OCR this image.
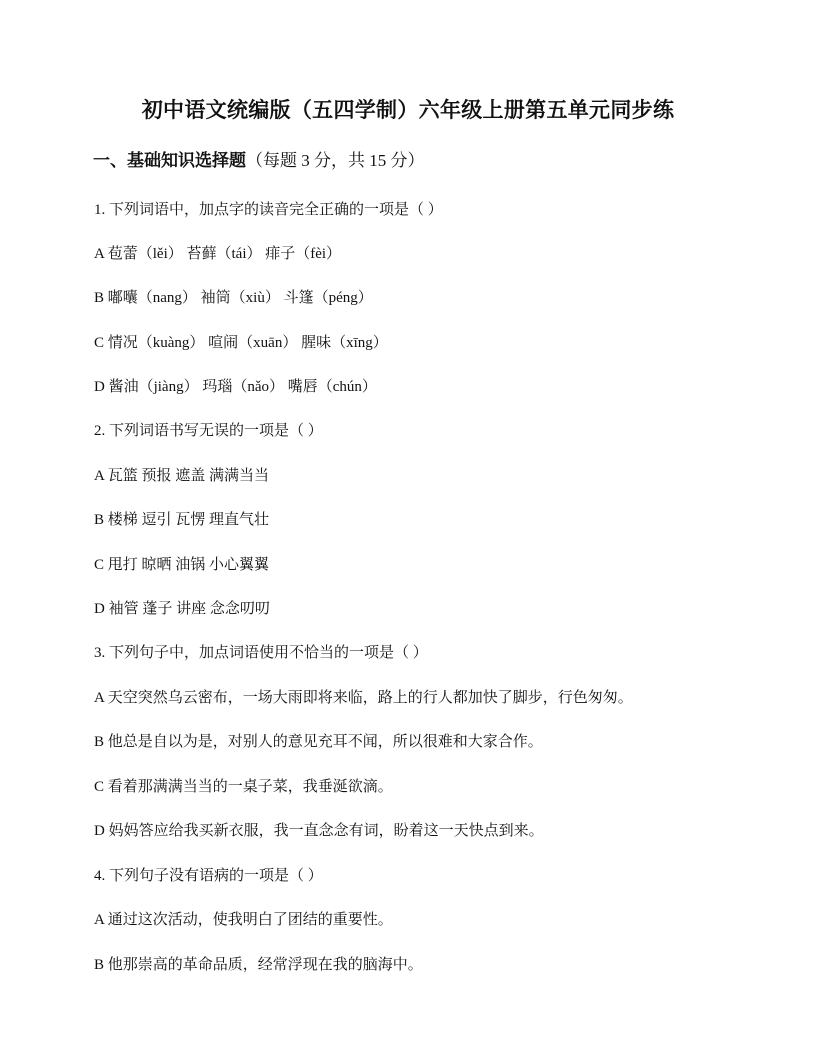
初中语文统编版（五四学制）六年级上册第五单元同步练
一、基础知识选择题（每题 3 分，共 15 分）
1. 下列词语中，加点字的读音完全正确的一项是（ ）
A 苞蕾（lěi） 苔藓（tái） 痱子（fèi）
B 嘟囔（nang） 袖筒（xiù） 斗篷（péng）
C 情况（kuàng） 喧闹（xuān） 腥味（xīng）
D 酱油（jiàng） 玛瑙（nǎo） 嘴唇（chún）
2. 下列词语书写无误的一项是（ ）
A 瓦篮 预报 遮盖 满满当当
B 楼梯 逗引 瓦愣 理直气壮
C 甩打 晾晒 油锅 小心翼翼
D 袖管 蓬子 讲座 念念叨叨
3. 下列句子中，加点词语使用不恰当的一项是（ ）
A 天空突然乌云密布，一场大雨即将来临，路上的行人都加快了脚步，行色匆匆。
B 他总是自以为是，对别人的意见充耳不闻，所以很难和大家合作。
C 看着那满满当当的一桌子菜，我垂涎欲滴。
D 妈妈答应给我买新衣服，我一直念念有词，盼着这一天快点到来。
4. 下列句子没有语病的一项是（ ）
A 通过这次活动，使我明白了团结的重要性。
B 他那崇高的革命品质，经常浮现在我的脑海中。
